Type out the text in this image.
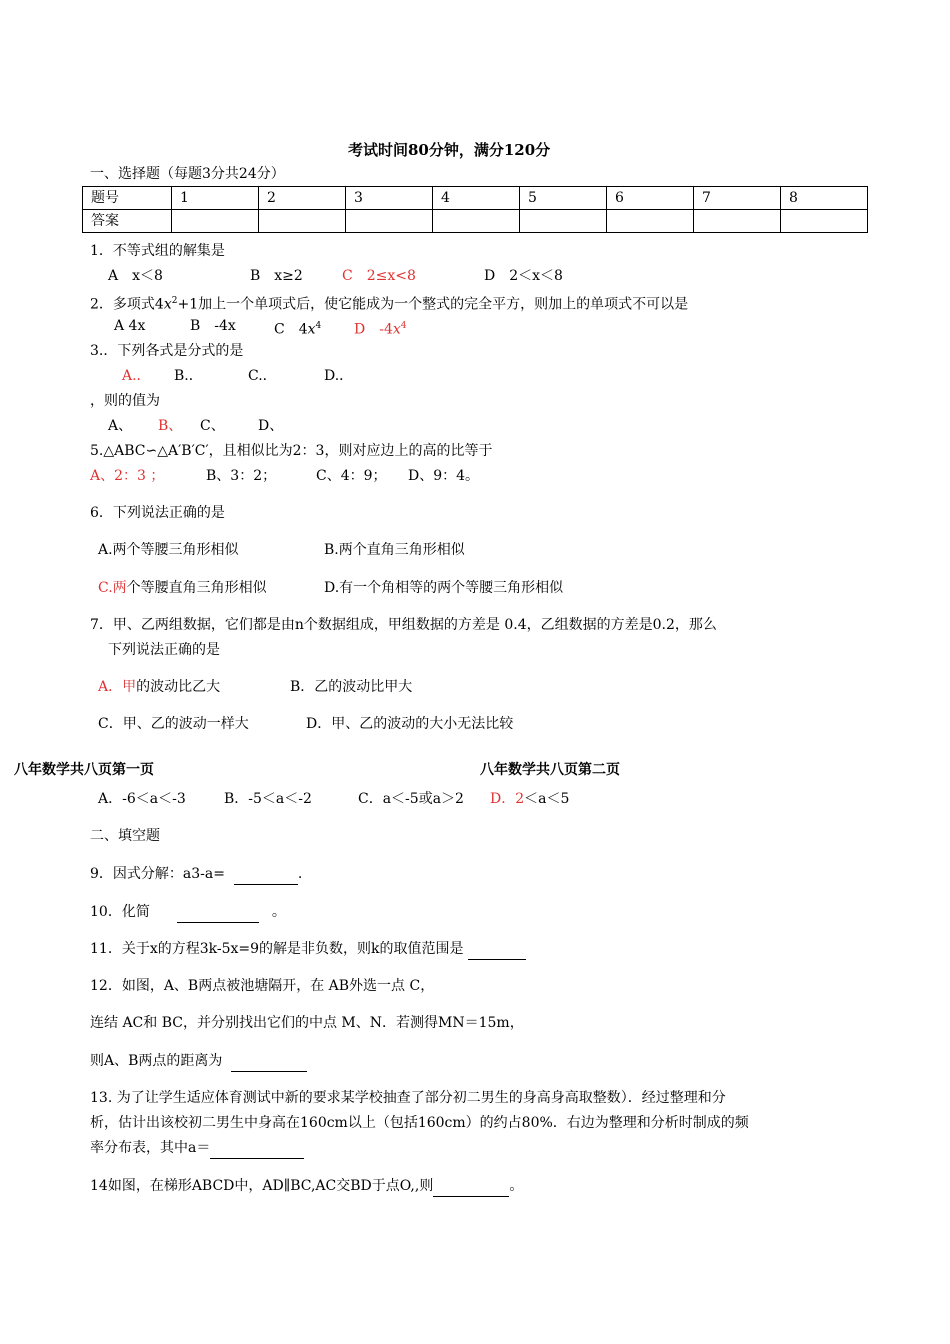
考试时间80分钟，满分120分
一、选择题（每题3分共24分）
题号	1	2	3	4	5	6	7	8
答案								
1．不等式组的解集是
A　x＜8	B　x≥2	C　2≤x<8	D　2＜x＜8
2．多项式$4x^2+1$加上一个单项式后，使它能成为一个整式的完全平方，则加上的单项式不可以是
A 4x	B　-4x	C　$4x^4$ D　$-4x^4$
3.．下列各式是分式的是
A.． B.．	C.．	D.．
，则的值为
A、 B、 C、 D、
5.△ABC∽△A′B′C′，且相似比为2：3，则对应边上的高的比等于
A、2：3 ；	B、3：2；	C、4：9； D、9：4。
6．下列说法正确的是
A.两个等腰三角形相似	B.两个直角三角形相似
C.两个等腰直角三角形相似	D.有一个角相等的两个等腰三角形相似
7．甲、乙两组数据，它们都是由n个数据组成，甲组数据的方差是 0.4，乙组数据的方差是0.2，那么
下列说法正确的是
A．甲的波动比乙大	B．乙的波动比甲大
C．甲、乙的波动一样大	D．甲、乙的波动的大小无法比较
八年数学共八页第一页	八年数学共八页第二页
A．-6＜a＜-3	B．-5＜a＜-2	C．a＜-5或a＞2 D．2＜a＜5
二、填空题
9．因式分解：a3-a=	.
10．化简	。
11．关于x的方程3k-5x=9的解是非负数，则k的取值范围是
12．如图，A、B两点被池塘隔开，在 AB外选一点 C，
连结 AC和 BC，并分别找出它们的中点 M、N．若测得MN＝15m，
则A、B两点的距离为
13. 为了让学生适应体育测试中新的要求某学校抽查了部分初二男生的身高身高取整数）．经过整理和分
析，估计出该校初二男生中身高在160cm以上（包括160cm）的约占80%．右边为整理和分析时制成的频
率分布表，其中a＝
14如图，在梯形ABCD中，AD∥BC,AC交BD于点O,,则	。
